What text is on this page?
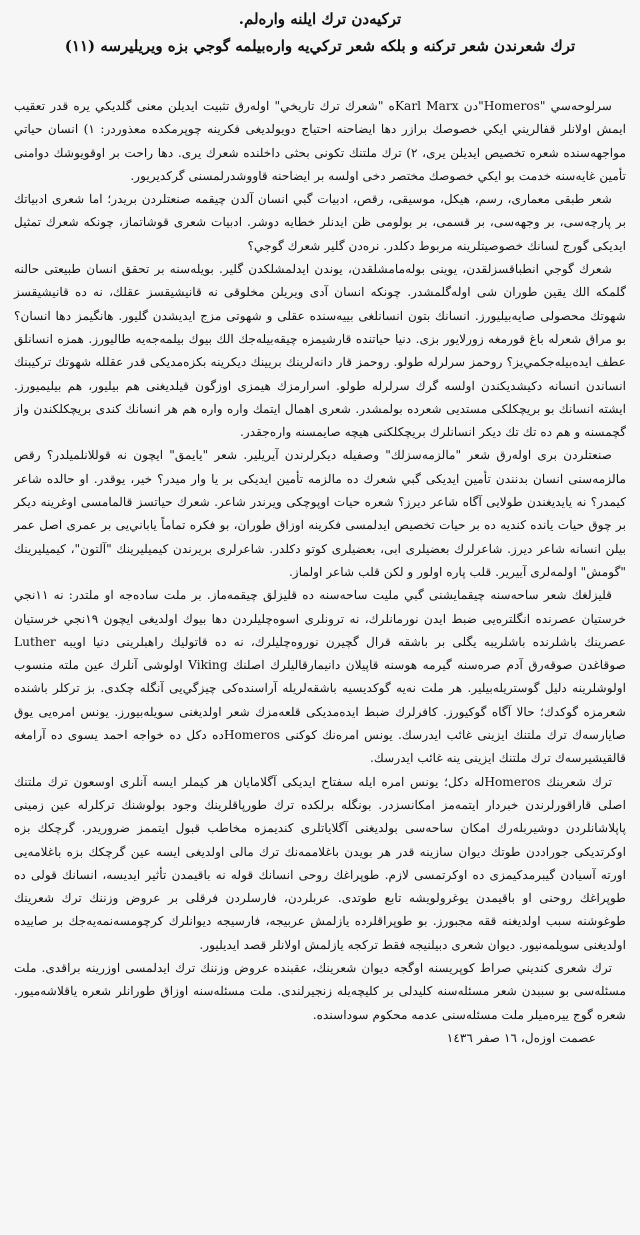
تركيه‌دن ترك ايلنه واره‌لم.
ترك شعرندن شعر تركنه و بلكه شعر تركي‌يه واره‌بيلمه گوجي بزه ويريليرسه (١١)

سرلوحه‌سي "Homeros"دن Karl Marxه "شعرك ترك تاريخي" اولەرق تثبيت ايديلن معنی گلديكي يره قدر تعقيب ايمش اولانلر قفالريني ايكي خصوصك برازر دها ايضاحنه احتياج دويولديغی فكرينه چوپرمكده معذوردر: ١) انسان حياتي مواجهه‌سنده شعره تخصيص ايديلن يرى، ٢) ترك ملتنك تكونى بحثى داخلنده شعرك يرى. دها راحت بر اوقويوشك دوامنى تأمين غايه‌سنه خدمت بو ايكي خصوصك مختصر دخی اولسه بر ايضاحنه قاووشدرلمسنى گركديريور.

شعر طبقى معمارى، رسم، هيكل، موسيقى، رقص، ادبيات گبي انسان آلدن چيقمه صنعتلردن بريدر؛ اما شعرى ادبياتك بر پارچه‌سى، بر وجهه‌سى، بر قسمى، بر بولومى ظن ايدنلر خطايه دوشر. ادبيات شعرى قوشاتماز، چونكه شعرك تمثيل ايديكى گورج لسانك خصوصيتلرينه مربوط دكلدر. نره‌دن گلير شعرك گوجي؟

شعرك گوجي انطباقسزلقدن، يوينى بوله‌مامشلقدن، يوندن ايدلمشلكدن گلير. بويله‌سنه بر تحقق انسان طبيعتى حالنه گلمكه الك يقين طوران شى اوله‌گلمشدر. چونكه انسان آدى ويريلن مخلوقى نه قانيشيقسز عقلك، نه ده قانيشيقسز شهوتك محصولى صايه‌بيليورز. انسانك بتون انسانلغى بييه‌سنده عقلى و شهوتى مزج ايديشدن گليور. هانگيمز دها انسان؟ بو مراق شعرله باغ قورمغه زورلايور بزى. دنيا حياتنده قارشيمزه چيقه‌بيله‌جك الك بيوك بيلمه‌جه‌يه طاليورز. همزه انسانلق عطف ايده‌بيله‌جكمي‌يز؟ روحمز سرلرله طولو. روحمز قار دانه‌لرينك بريينك ديكرينه بكزه‌مديكى قدر عقلله شهوتك تركيبنك انساندن انسانه دكيشديكندن اولسه گرك سرلرله طولو. اسرارمزك هيمزى اوزگون قيلديغنى هم بيليور، هم بيليميورز. ايشته انسانك بو بريچكلكى مستديى شعرده بولمشدر. شعرى اهمال ايتمك واره واره هم هر انسانك كندى بريچكلكندن واز گچمسنه و هم ده تك تك ديكر انسانلرك بريچكلكنى هيچه صايمسنه واره‌جقدر.

صنعتلردن برى اولەرق شعر "مالزمه‌سزلك" وصفيله ديكرلرندن آيريلير. شعر "يايمق" ايچون نه قوللانلميلدر؟ رقص مالزمه‌سنى انسان بدنندن تأمين ايديكى گبي شعرك ده مالزمه تأمين ايديكى بر يا وار ميدر؟ خير، يوقدر. او حالده شاعر كيمدر؟ نه يايديغندن طولايى آگاه شاعر ديرز؟ شعره حيات اوپوچكى ويرندر شاعر. شعرك حياتسز قالمامسى اوغرينه ديكر بر چوق حيات يانده كنديه ده بر حيات تخصيص ايدلمسى فكرينه اوزاق طوران، بو فكره تماماً ياباني‌يى بر عمرى اصل عمر بيلن انسانه شاعر ديرز. شاعرلرك بعضيلرى ابى، بعضيلرى كوتو دكلدر. شاعرلرى بريرندن كيميليرينك "آلتون"، كيميليرينك "گومش" اولمه‌لرى آييرير. قلب پاره اولور و لكن قلب شاعر اولماز.

قليزلغك شعر ساحه‌سنه چيقمايشنى گبي مليت ساحه‌سنه ده قليزلق چيقمەماز. بر ملت ساده‌جه او ملتدر: نه ١١نجي خرستيان عصرنده انگلترەيى ضبط ايدن نورمانلرك، نه ترونلرى اسوەچليلردن دها بيوك اولديغى ايچون ١٩نجي خرستيان عصرينك باشلرنده باشلريبه يگلى بر باشقه قرال گچيرن نوروەچليلرك، نه ده قاتوليك راهبلرينى دنيا اويبه Luther صوقاغدن صوقەرق آدم صرەسنه گيرمه هوسنه قاپيلان دانيمارقاليلرك اصلنك Viking اولوشى آنلرك عين ملته منسوب اولوشلرينه دليل گوستريله‌بيلير. هر ملت نه‌يه گوكديسيه باشقه‌لريله آراسنده‌كى چيزگي‌يى آنگله چكدى. بز تركلر باشنده شعرمزه گوكدك؛ حالا آگاه گوكيورز. كافرلرك ضبط ايده‌مديكى قلعه‌مزك شعر اولديغنى سويله‌بيورز. يونس امره‌يى يوق صايارسەك ترك ملتنك ايزينى غائب ايدرسك. يونس امره‌نك كوكنى Homerosده دكل ده خواجه احمد يسوى ده آرامغه قالقيشيرسەك ترك ملتنك ايزينى ينه غائب ايدرسك.

ترك شعرينك Homerosله دكل؛ يونس امره ايله سفتاح ايديكى آگلامايان هر كيملر ايسه آنلرى اوسعون ترك ملتنك اصلى قاراقورلرندن خبردار ايتمه‌مز امكانسزدر. بونگله برلكده ترك طورپاقلرينك وجود بولوشنك تركلرله عين زمينى پاپلاشانلردن دوشيربله‌رك امكان ساحه‌سى بولديغنى آگلاياتلرى كنديمزه مخاطب قبول ايتممز ضروريدر. گرچكك بزه اوكرتديكى جوراددن طوتك ديوان سازينه قدر هر بويدن باغلاممه‌نك ترك مالى اولديغى ايسه عين گرچكك بزه باغلامه‌يى اورته آسيادن گيبرمدكيمزى ده اوكرتمسى لازم. طوپراغك روحى انسانك قوله نه باقيمدن تأثير ايديسه، انسانك قولى ده طوپراغك روحنى او باقيمدن يوغرولويشه تابع طوتدى. عربلردن، فارسلردن فرقلى بر عروض وزننك ترك شعرينك طوغوشنه سبب اولديغنه ققه مجبورز. بو طوپراقلرده يازلمش عربيجه، فارسيجه ديوانلرك كرچومسه‌نمه‌يه‌جك بر صاييده اولديغنى سويلمه‌نيور. ديوان شعرى دبيلنيجه فقط تركجه يازلمش اولانلر قصد ايديليور.

ترك شعرى كنديني صراط كوپريسنه اوگجه ديوان شعرينك، عقبنده عروض وزننك ترك ايدلمسى اوزرينه براقدى. ملت مسئله‌سى بو سببدن شعر مسئله‌سنه كليدلى بر كليچه‌يله زنجيرلندى. ملت مسئله‌سنه اوزاق طورانلر شعره ياقلاشه‌ميور. شعره گوج ييرەميلر ملت مسئله‌سنى عدمه محكوم سوداسنده.

عصمت اوزەل، ١٦ صفر ١٤٣٦
